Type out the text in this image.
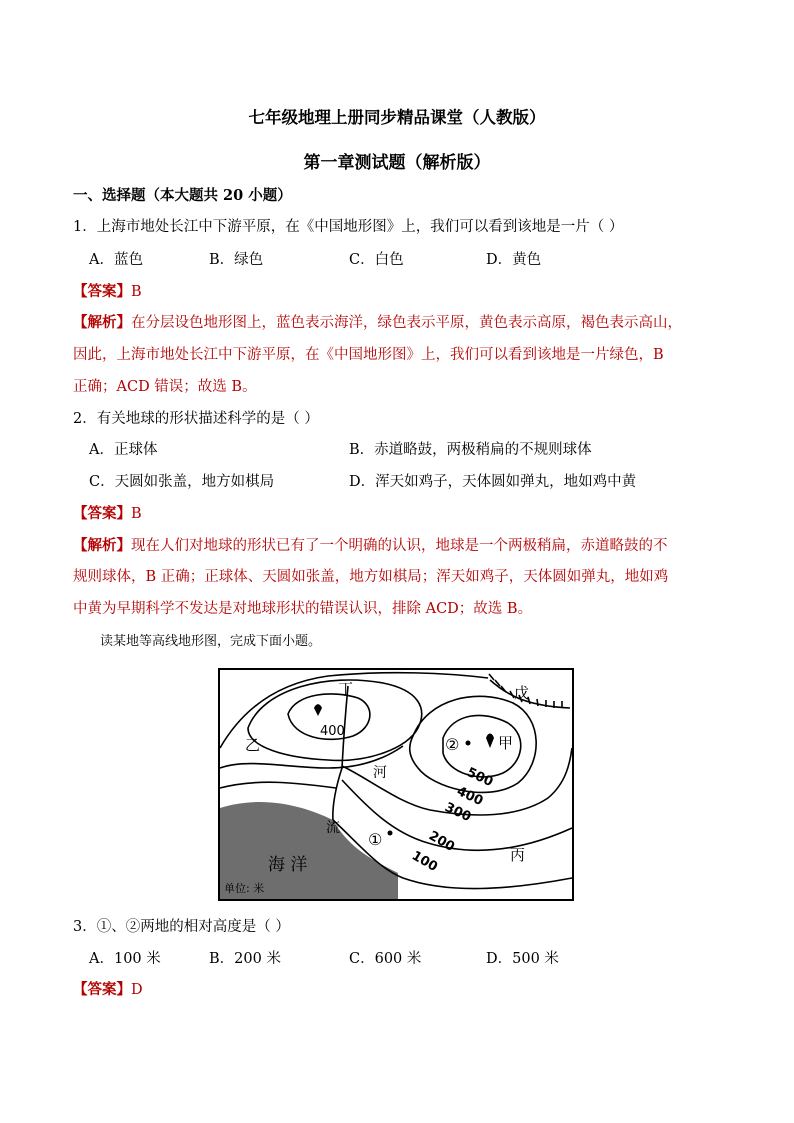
七年级地理上册同步精品课堂（人教版）
第一章测试题（解析版）
一、选择题（本大题共 20 小题）
1．上海市地处长江中下游平原，在《中国地形图》上，我们可以看到该地是一片（ ）
A．蓝色	B．绿色	C．白色	D．黄色
【答案】B
【解析】在分层设色地形图上，蓝色表示海洋，绿色表示平原，黄色表示高原，褐色表示高山，
因此，上海市地处长江中下游平原，在《中国地形图》上，我们可以看到该地是一片绿色，B
正确；ACD 错误；故选 B。
2．有关地球的形状描述科学的是（ ）
A．正球体	B．赤道略鼓，两极稍扁的不规则球体
C．天圆如张盖，地方如棋局	D．浑天如鸡子，天体圆如弹丸，地如鸡中黄
【答案】B
【解析】现在人们对地球的形状已有了一个明确的认识，地球是一个两极稍扁，赤道略鼓的不
规则球体，B 正确；正球体、天圆如张盖，地方如棋局；浑天如鸡子，天体圆如弹丸，地如鸡
中黄为早期科学不发达是对地球形状的错误认识，排除 ACD；故选 B。
读某地等高线地形图，完成下面小题。
丁	戊
乙	甲
丙
河
流
海 洋
①
②
单位: 米
400
500
400
300
200
100
3．①、②两地的相对高度是（ ）
A．100 米	B．200 米	C．600 米	D．500 米
【答案】D
